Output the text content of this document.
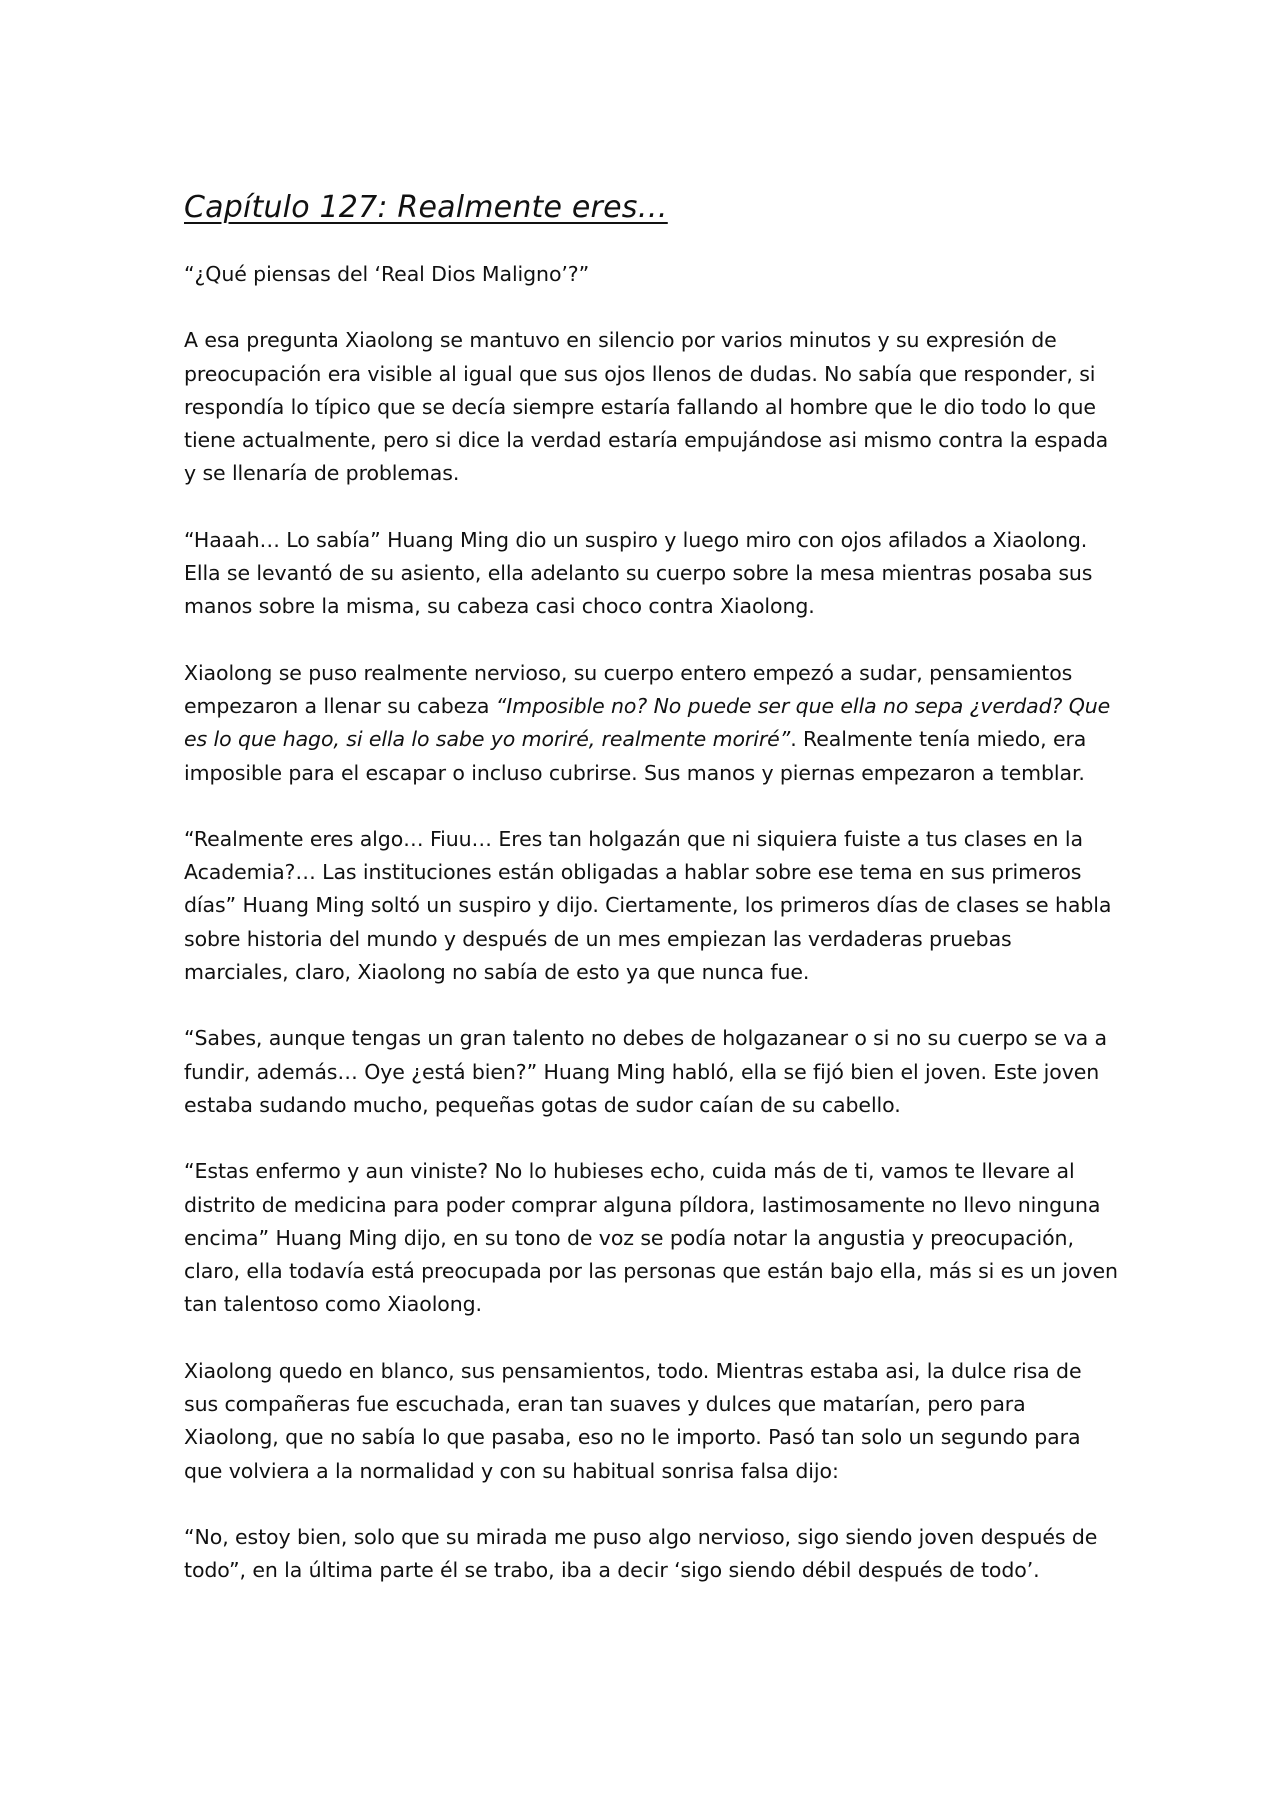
Capítulo 127: Realmente eres…

“¿Qué piensas del ‘Real Dios Maligno’?”

A esa pregunta Xiaolong se mantuvo en silencio por varios minutos y su expresión de preocupación era visible al igual que sus ojos llenos de dudas. No sabía que responder, si respondía lo típico que se decía siempre estaría fallando al hombre que le dio todo lo que tiene actualmente, pero si dice la verdad estaría empujándose asi mismo contra la espada y se llenaría de problemas.

“Haaah… Lo sabía” Huang Ming dio un suspiro y luego miro con ojos afilados a Xiaolong. Ella se levantó de su asiento, ella adelanto su cuerpo sobre la mesa mientras posaba sus manos sobre la misma, su cabeza casi choco contra Xiaolong.

Xiaolong se puso realmente nervioso, su cuerpo entero empezó a sudar, pensamientos empezaron a llenar su cabeza “Imposible no? No puede ser que ella no sepa ¿verdad? Que es lo que hago, si ella lo sabe yo moriré, realmente moriré”. Realmente tenía miedo, era imposible para el escapar o incluso cubrirse. Sus manos y piernas empezaron a temblar.

“Realmente eres algo… Fiuu… Eres tan holgazán que ni siquiera fuiste a tus clases en la Academia?… Las instituciones están obligadas a hablar sobre ese tema en sus primeros días” Huang Ming soltó un suspiro y dijo. Ciertamente, los primeros días de clases se habla sobre historia del mundo y después de un mes empiezan las verdaderas pruebas marciales, claro, Xiaolong no sabía de esto ya que nunca fue.

“Sabes, aunque tengas un gran talento no debes de holgazanear o si no su cuerpo se va a fundir, además… Oye ¿está bien?” Huang Ming habló, ella se fijó bien el joven. Este joven estaba sudando mucho, pequeñas gotas de sudor caían de su cabello.

“Estas enfermo y aun viniste? No lo hubieses echo, cuida más de ti, vamos te llevare al distrito de medicina para poder comprar alguna píldora, lastimosamente no llevo ninguna encima” Huang Ming dijo, en su tono de voz se podía notar la angustia y preocupación, claro, ella todavía está preocupada por las personas que están bajo ella, más si es un joven tan talentoso como Xiaolong.

Xiaolong quedo en blanco, sus pensamientos, todo. Mientras estaba asi, la dulce risa de sus compañeras fue escuchada, eran tan suaves y dulces que matarían, pero para Xiaolong, que no sabía lo que pasaba, eso no le importo. Pasó tan solo un segundo para que volviera a la normalidad y con su habitual sonrisa falsa dijo:

“No, estoy bien, solo que su mirada me puso algo nervioso, sigo siendo joven después de todo”, en la última parte él se trabo, iba a decir ‘sigo siendo débil después de todo’.
